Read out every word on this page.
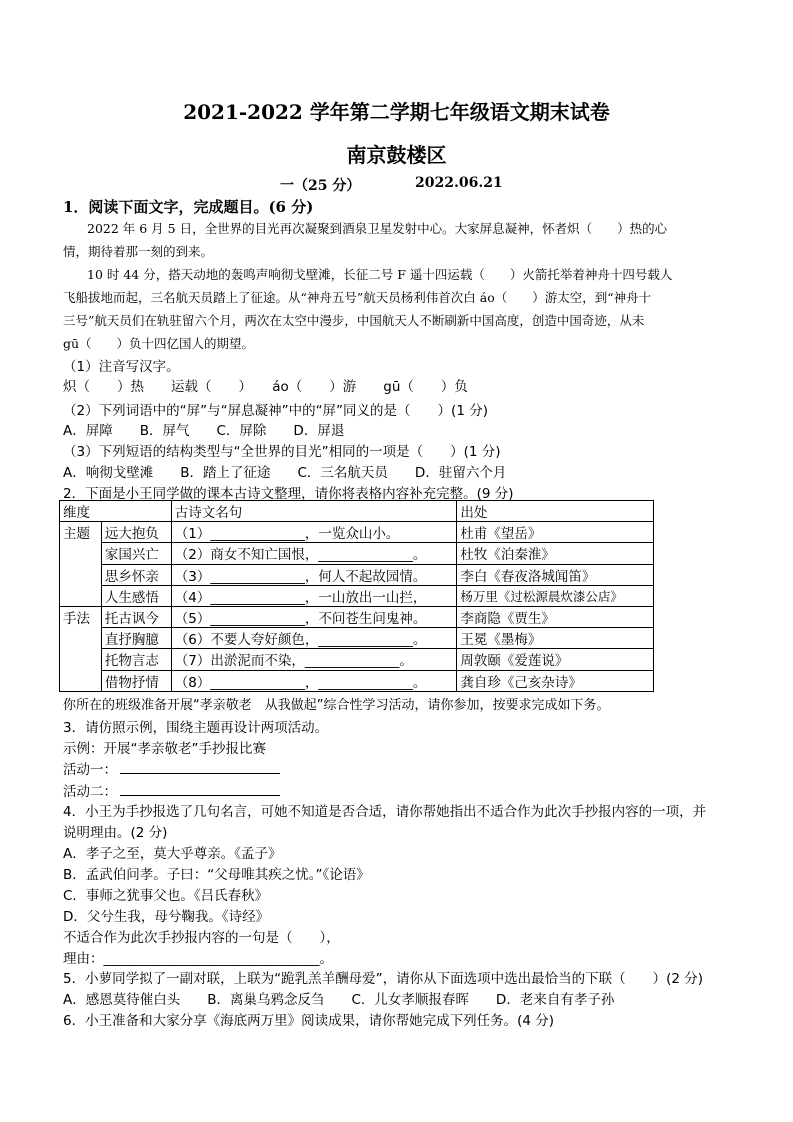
2021-2022 学年第二学期七年级语文期末试卷
南京鼓楼区
一（25 分）	2022.06.21
1．阅读下面文字，完成题目。(6 分)
2022 年 6 月 5 日，全世界的目光再次凝聚到酒泉卫星发射中心。大家屏息凝神，怀者炽（　　）热的心
情，期待着那一刻的到来。
10 时 44 分，搭天动地的轰鸣声响彻戈壁滩，长征二号 F 遥十四运载（　　）火箭托举着神舟十四号载人
飞船拔地而起，三名航天员踏上了征途。从“神舟五号”航天员杨利伟首次白 áo（　　）游太空，到“神舟十
三号”航天员们在轨驻留六个月，两次在太空中漫步，中国航天人不断刷新中国高度，创造中国奇迹，从未
gū（　　）负十四亿国人的期望。
（1）注音写汉字。
炽（　　）热　　运载（　　）　　áo（　　）游　　gū（　　）负
（2）下列词语中的“屏”与“屏息凝神”中的“屏”同义的是（　　）(1 分)
A．屏障　　B．屏气　　C．屏除　　D．屏退
（3）下列短语的结构类型与“全世界的目光”相同的一项是（　　）(1 分)
A．响彻戈壁滩　　B．踏上了征途　　C．三名航天员　　D．驻留六个月
2．下面是小王同学做的课本古诗文整理，请你将表格内容补充完整。(9 分)
维度		古诗文名句	出处
主题	远大抱负	（1）______________，一览众山小。	杜甫《望岳》
	家国兴亡	（2）商女不知亡国恨，______________。	杜牧《泊秦淮》
	思乡怀亲	（3）______________，何人不起故园情。	李白《春夜洛城闻笛》
	人生感悟	（4）______________，一山放出一山拦，	杨万里《过松源晨炊漆公店》
手法	托古讽今	（5）______________，不问苍生问鬼神。	李商隐《贾生》
	直抒胸臆	（6）不要人夸好颜色，______________。	王冕《墨梅》
	托物言志	（7）出淤泥而不染，______________。	周敦颐《爱莲说》
	借物抒情	（8）______________，______________。	龚自珍《己亥杂诗》
你所在的班级准备开展“孝亲敬老　从我做起”综合性学习活动，请你参加，按要求完成如下务。
3．请仿照示例，围绕主题再设计两项活动。
示例：开展“孝亲敬老”手抄报比赛
活动一：
活动二：
4．小王为手抄报选了几句名言，可她不知道是否合适，请你帮她指出不适合作为此次手抄报内容的一项，并
说明理由。(2 分)
A．孝子之至，莫大乎尊亲。《孟子》
B．孟武伯问孝。子曰：“父母唯其疾之忧。”《论语》
C．事师之犹事父也。《吕氏春秋》
D．父兮生我，母兮鞠我。《诗经》
不适合作为此次手抄报内容的一句是（　　），
理由：________________________________。
5．小萝同学拟了一副对联，上联为“跪乳羔羊酬母爱”，请你从下面选项中选出最恰当的下联（　　）(2 分)
A．感恩莫待催白头　　B．离巢乌鸦念反刍　　C．儿女孝顺报春晖　　D．老来自有孝子孙
6．小王准备和大家分享《海底两万里》阅读成果，请你帮她完成下列任务。(4 分)
